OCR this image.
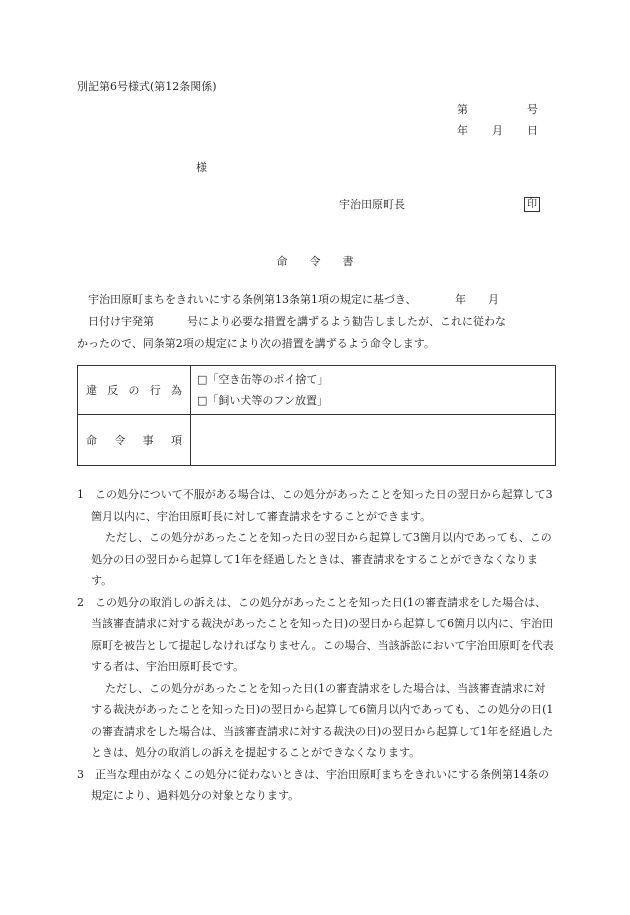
別記第6号様式(第12条関係)
第	号
年 月 日
様
宇治田原町長	印
命令書

　宇治田原町まちをきれいにする条例第13条第1項の規定に基づき、　　　　年　　月

　日付け宇発第　　　号により必要な措置を講ずるよう勧告しましたが、これに従わな

かったので、同条第2項の規定により次の措置を講ずるよう命令します。

違反の行為	□「空き缶等のポイ捨て」
□「飼い犬等のフン放置」

命令事項	
1　この処分について不服がある場合は、この処分があったことを知った日の翌日から起算して3箇月以内に、宇治田原町長に対して審査請求をすることができます。
ただし、この処分があったことを知った日の翌日から起算して3箇月以内であっても、この処分の日の翌日から起算して1年を経過したときは、審査請求をすることができなくなります。
2　この処分の取消しの訴えは、この処分があったことを知った日(1の審査請求をした場合は、当該審査請求に対する裁決があったことを知った日)の翌日から起算して6箇月以内に、宇治田原町を被告として提起しなければなりません。この場合、当該訴訟において宇治田原町を代表する者は、宇治田原町長です。
ただし、この処分があったことを知った日(1の審査請求をした場合は、当該審査請求に対する裁決があったことを知った日)の翌日から起算して6箇月以内であっても、この処分の日(1の審査請求をした場合は、当該審査請求に対する裁決の日)の翌日から起算して1年を経過したときは、処分の取消しの訴えを提起することができなくなります。
3　正当な理由がなくこの処分に従わないときは、宇治田原町まちをきれいにする条例第14条の規定により、過料処分の対象となります。
